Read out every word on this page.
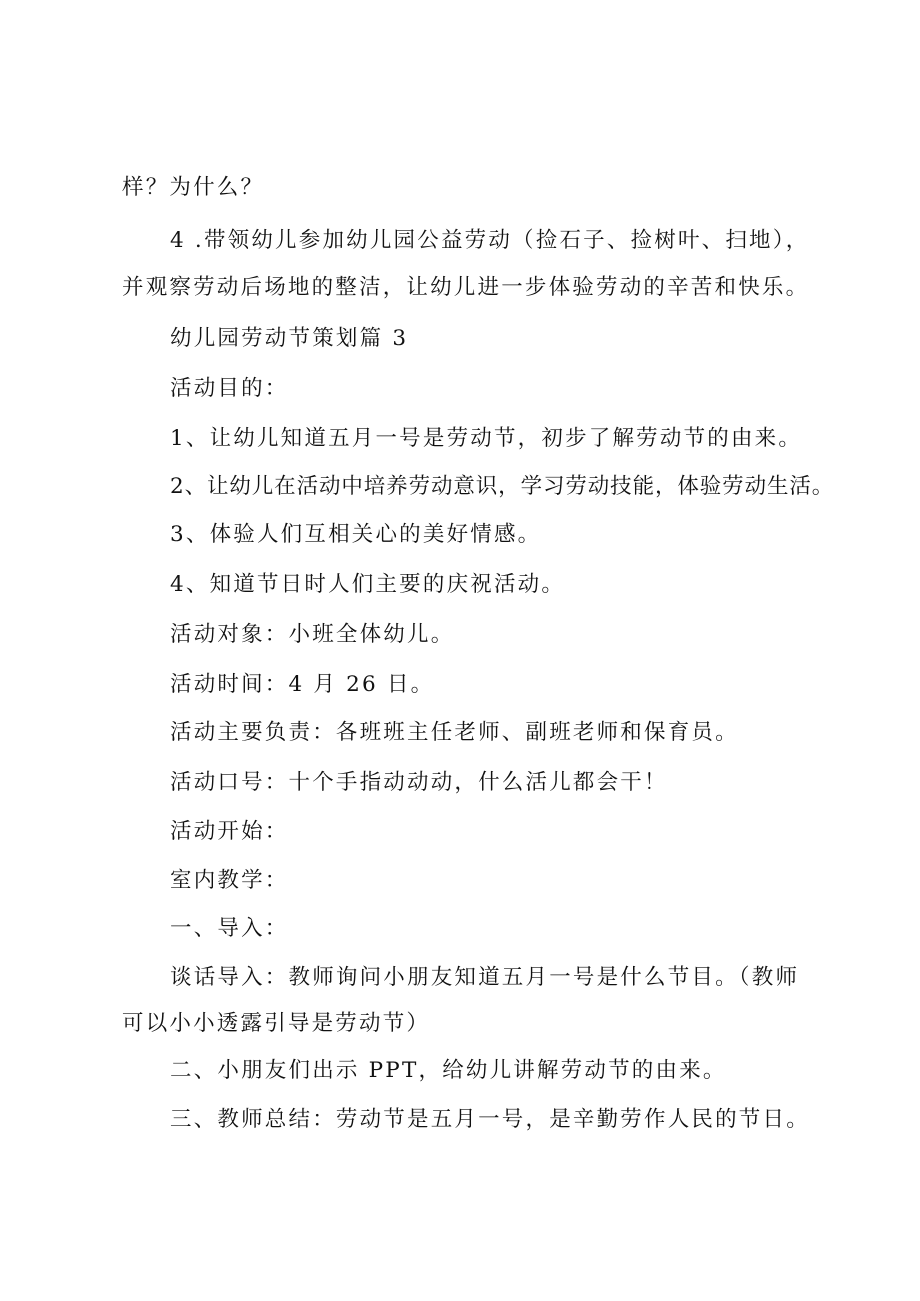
样？为什么？
4 .带领幼儿参加幼儿园公益劳动（捡石子、捡树叶、扫地），
并观察劳动后场地的整洁，让幼儿进一步体验劳动的辛苦和快乐。
幼儿园劳动节策划篇 3
活动目的：
1、让幼儿知道五月一号是劳动节，初步了解劳动节的由来。
2、让幼儿在活动中培养劳动意识，学习劳动技能，体验劳动生活。
3、体验人们互相关心的美好情感。
4、知道节日时人们主要的庆祝活动。
活动对象：小班全体幼儿。
活动时间：4 月 26 日。
活动主要负责：各班班主任老师、副班老师和保育员。
活动口号：十个手指动动动，什么活儿都会干！
活动开始：
室内教学：
一、导入：
谈话导入：教师询问小朋友知道五月一号是什么节目。（教师
可以小小透露引导是劳动节）
二、小朋友们出示 PPT，给幼儿讲解劳动节的由来。
三、教师总结：劳动节是五月一号，是辛勤劳作人民的节日。
